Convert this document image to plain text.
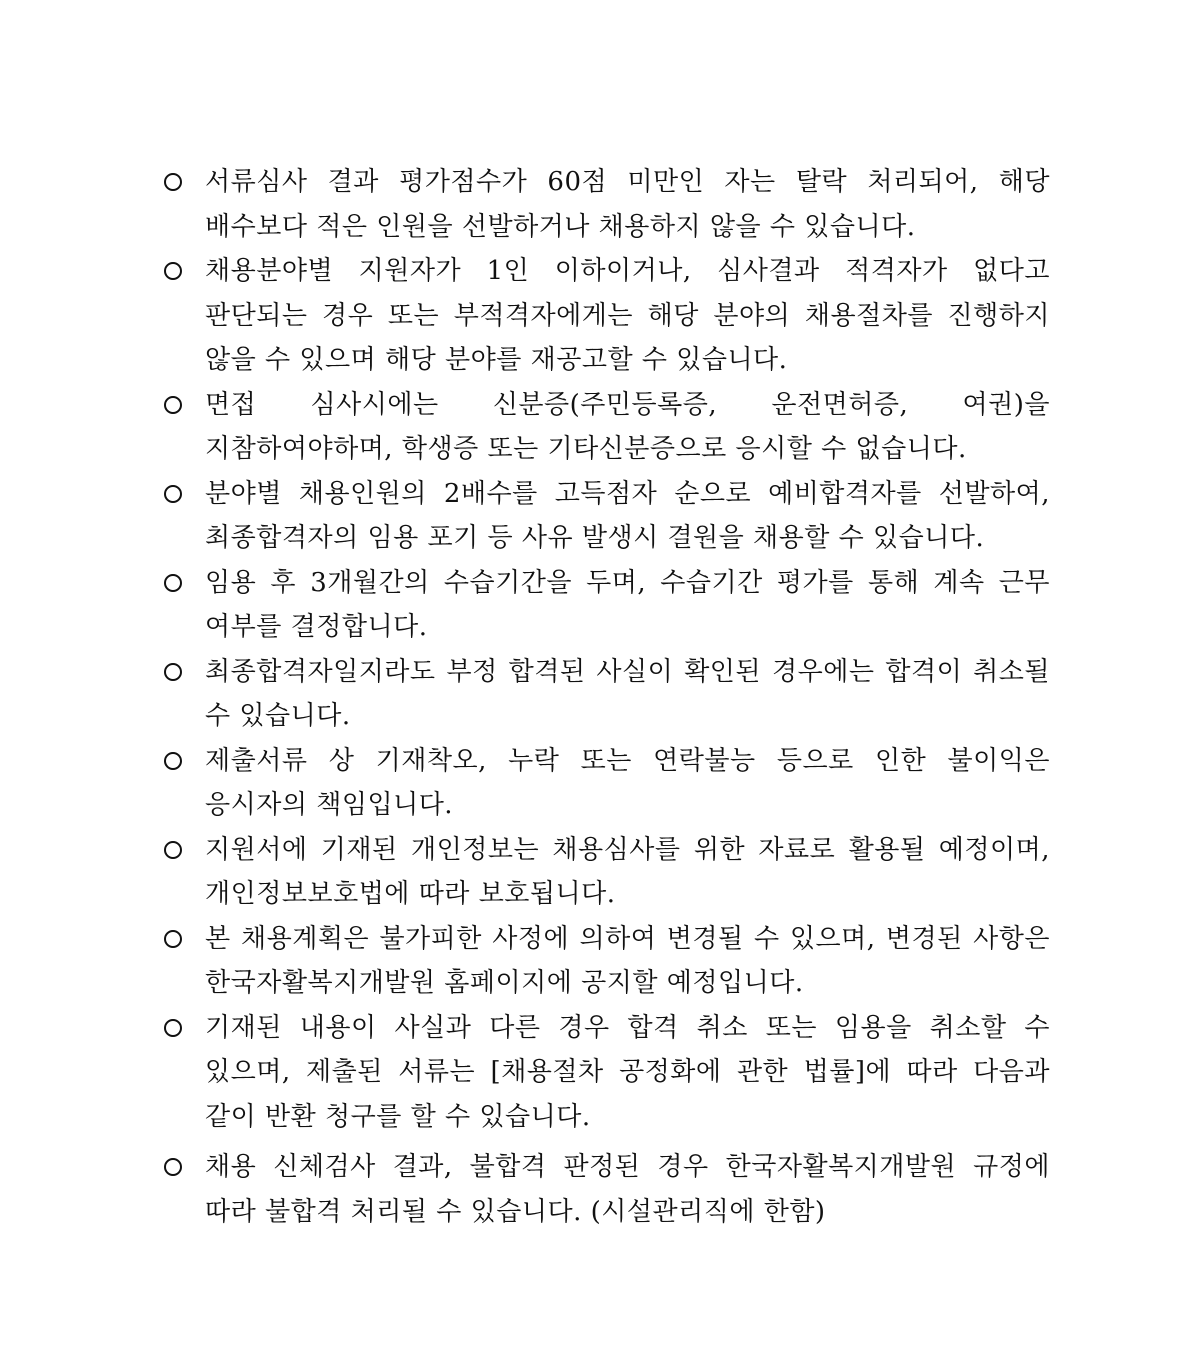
서류심사 결과 평가점수가 60점 미만인 자는 탈락 처리되어, 해당 배수보다 적은 인원을 선발하거나 채용하지 않을 수 있습니다.
채용분야별 지원자가 1인 이하이거나, 심사결과 적격자가 없다고 판단되는 경우 또는 부적격자에게는 해당 분야의 채용절차를 진행하지 않을 수 있으며 해당 분야를 재공고할 수 있습니다.
면접 심사시에는 신분증(주민등록증, 운전면허증, 여권)을 지참하여야하며, 학생증 또는 기타신분증으로 응시할 수 없습니다.
분야별 채용인원의 2배수를 고득점자 순으로 예비합격자를 선발하여, 최종합격자의 임용 포기 등 사유 발생시 결원을 채용할 수 있습니다.
임용 후 3개월간의 수습기간을 두며, 수습기간 평가를 통해 계속 근무 여부를 결정합니다.
최종합격자일지라도 부정 합격된 사실이 확인된 경우에는 합격이 취소될 수 있습니다.
제출서류 상 기재착오, 누락 또는 연락불능 등으로 인한 불이익은 응시자의 책임입니다.
지원서에 기재된 개인정보는 채용심사를 위한 자료로 활용될 예정이며, 개인정보보호법에 따라 보호됩니다.
본 채용계획은 불가피한 사정에 의하여 변경될 수 있으며, 변경된 사항은 한국자활복지개발원 홈페이지에 공지할 예정입니다.
기재된 내용이 사실과 다른 경우 합격 취소 또는 임용을 취소할 수 있으며, 제출된 서류는 [채용절차 공정화에 관한 법률]에 따라 다음과 같이 반환 청구를 할 수 있습니다.
채용 신체검사 결과, 불합격 판정된 경우 한국자활복지개발원 규정에 따라 불합격 처리될 수 있습니다. (시설관리직에 한함)
